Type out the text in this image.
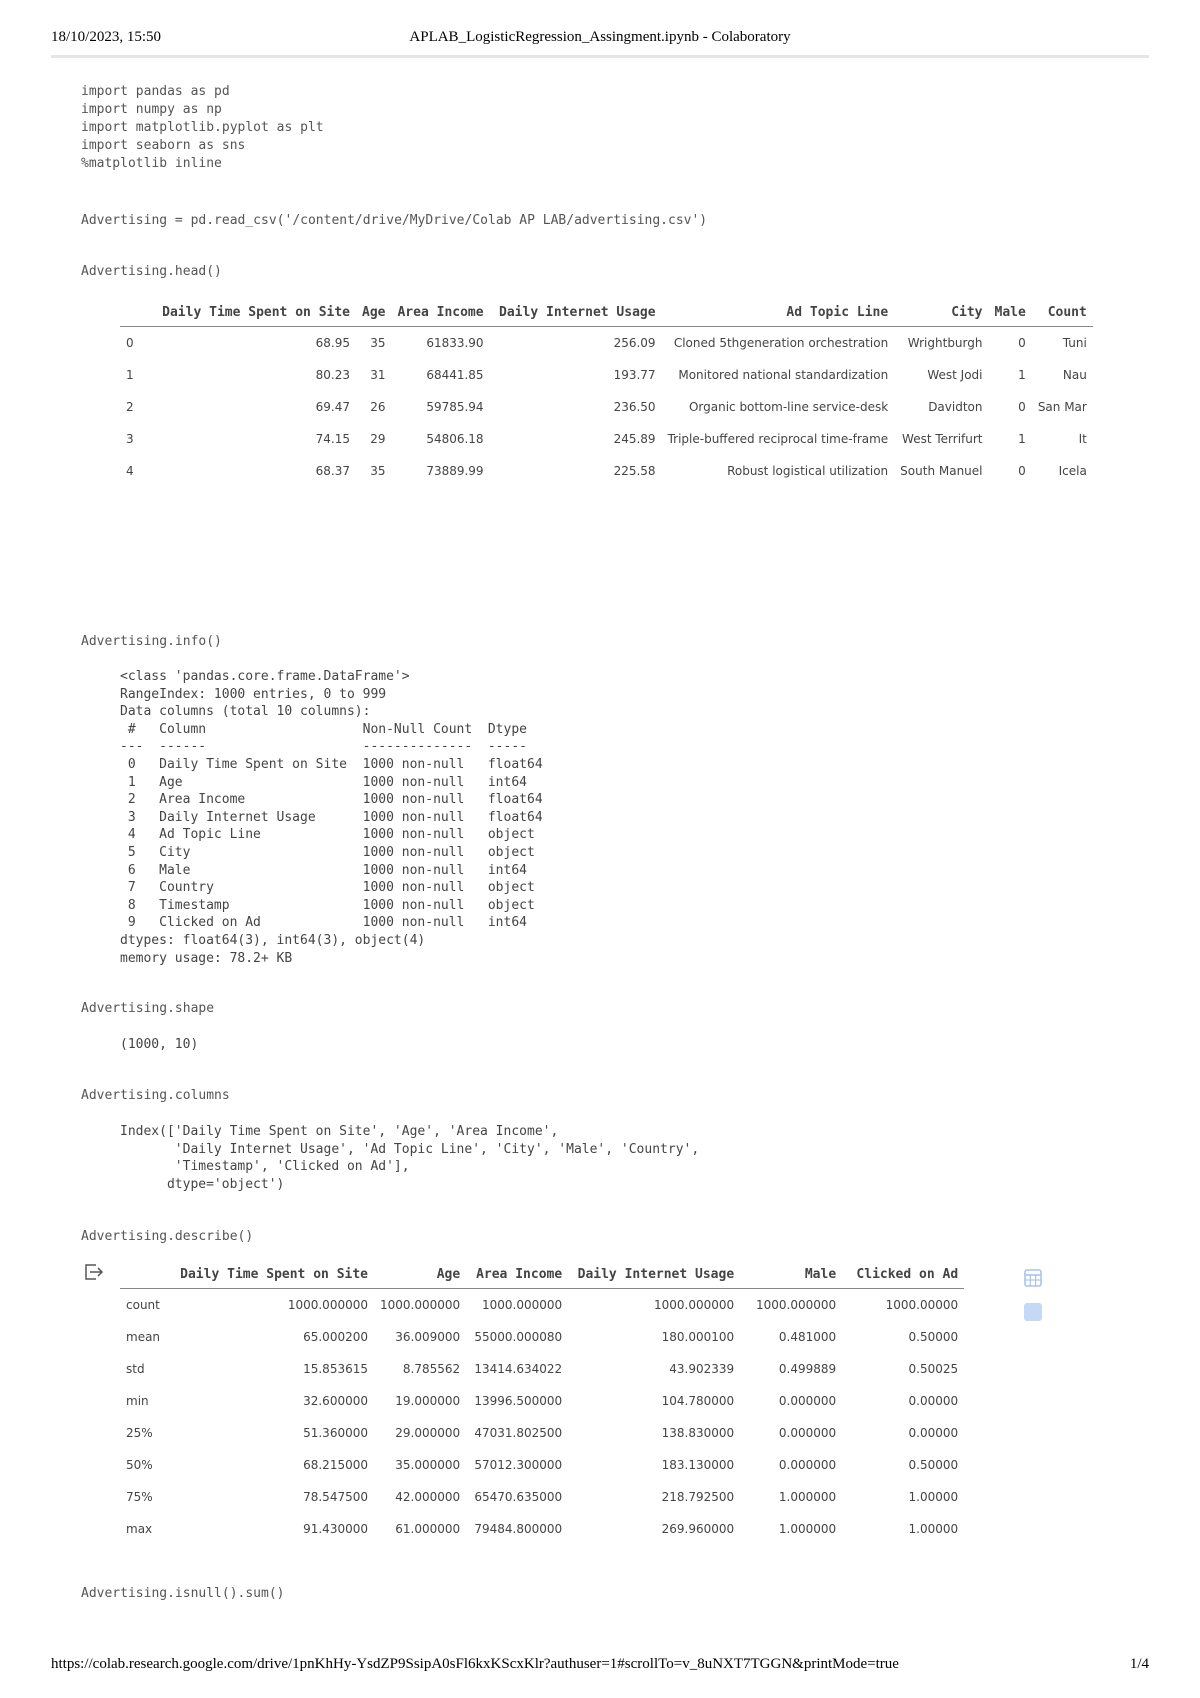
18/10/2023, 15:50	APLAB_LogisticRegression_Assingment.ipynb - Colaboratory
import pandas as pd
import numpy as np
import matplotlib.pyplot as plt
import seaborn as sns
%matplotlib inline
Advertising = pd.read_csv('/content/drive/MyDrive/Colab AP LAB/advertising.csv')
Advertising.head()
	Daily Time Spent on Site	Age	Area Income	Daily Internet Usage	Ad Topic Line	City	Male	Count
0	68.95	35	61833.90	256.09	Cloned 5thgeneration orchestration	Wrightburgh	0	Tuni
1	80.23	31	68441.85	193.77	Monitored national standardization	West Jodi	1	Nau
2	69.47	26	59785.94	236.50	Organic bottom-line service-desk	Davidton	0	San Mar
3	74.15	29	54806.18	245.89	Triple-buffered reciprocal time-frame	West Terrifurt	1	It
4	68.37	35	73889.99	225.58	Robust logistical utilization	South Manuel	0	Icela
Advertising.info()
<class 'pandas.core.frame.DataFrame'>
RangeIndex: 1000 entries, 0 to 999
Data columns (total 10 columns):
#   Column                    Non-Null Count  Dtype
---  ------                    --------------  -----
0   Daily Time Spent on Site  1000 non-null   float64
1   Age                       1000 non-null   int64
2   Area Income               1000 non-null   float64
3   Daily Internet Usage      1000 non-null   float64
4   Ad Topic Line             1000 non-null   object
5   City                      1000 non-null   object
6   Male                      1000 non-null   int64
7   Country                   1000 non-null   object
8   Timestamp                 1000 non-null   object
9   Clicked on Ad             1000 non-null   int64
dtypes: float64(3), int64(3), object(4)
memory usage: 78.2+ KB
Advertising.shape
(1000, 10)
Advertising.columns
Index(['Daily Time Spent on Site', 'Age', 'Area Income',
'Daily Internet Usage', 'Ad Topic Line', 'City', 'Male', 'Country',
'Timestamp', 'Clicked on Ad'],
dtype='object')
Advertising.describe()
	Daily Time Spent on Site	Age	Area Income	Daily Internet Usage	Male	Clicked on Ad
count	1000.000000	1000.000000	1000.000000	1000.000000	1000.000000	1000.00000
mean	65.000200	36.009000	55000.000080	180.000100	0.481000	0.50000
std	15.853615	8.785562	13414.634022	43.902339	0.499889	0.50025
min	32.600000	19.000000	13996.500000	104.780000	0.000000	0.00000
25%	51.360000	29.000000	47031.802500	138.830000	0.000000	0.00000
50%	68.215000	35.000000	57012.300000	183.130000	0.000000	0.50000
75%	78.547500	42.000000	65470.635000	218.792500	1.000000	1.00000
max	91.430000	61.000000	79484.800000	269.960000	1.000000	1.00000
Advertising.isnull().sum()
https://colab.research.google.com/drive/1pnKhHy-YsdZP9SsipA0sFl6kxKScxKlr?authuser=1#scrollTo=v_8uNXT7TGGN&printMode=true	1/4
